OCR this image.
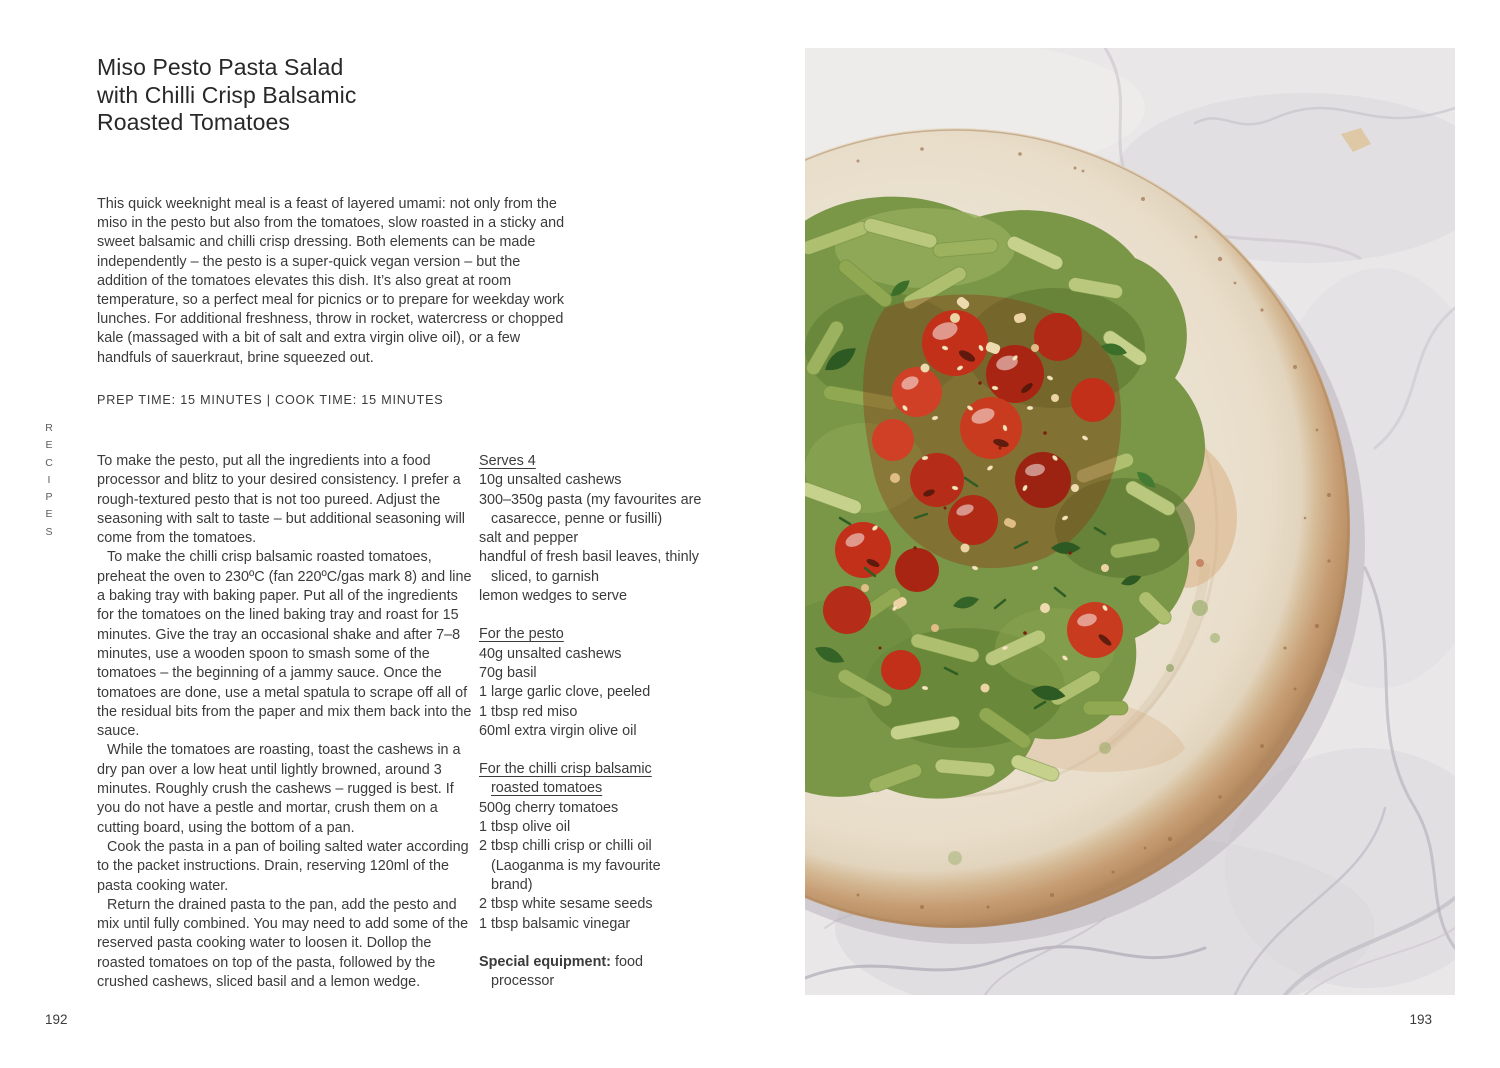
R
E
C
I
P
E
S
Miso Pesto Pasta Salad
with Chilli Crisp Balsamic
Roasted Tomatoes
This quick weeknight meal is a feast of layered umami: not only from the miso in the pesto but also from the tomatoes, slow roasted in a sticky and sweet balsamic and chilli crisp dressing. Both elements can be made independently – the pesto is a super-quick vegan version – but the addition of the tomatoes elevates this dish. It’s also great at room temperature, so a perfect meal for picnics or to prepare for weekday work lunches. For additional freshness, throw in rocket, watercress or chopped kale (massaged with a bit of salt and extra virgin olive oil), or a few handfuls of sauerkraut, brine squeezed out.
PREP TIME: 15 MINUTES | COOK TIME: 15 MINUTES

To make the pesto, put all the ingredients into a food processor and blitz to your desired consistency. I prefer a rough-textured pesto that is not too pureed. Adjust the seasoning with salt to taste – but additional seasoning will come from the tomatoes.

To make the chilli crisp balsamic roasted tomatoes, preheat the oven to 230ºC (fan 220ºC/gas mark 8) and line a baking tray with baking paper. Put all of the ingredients for the tomatoes on the lined baking tray and roast for 15 minutes. Give the tray an occasional shake and after 7–8 minutes, use a wooden spoon to smash some of the tomatoes – the beginning of a jammy sauce. Once the tomatoes are done, use a metal spatula to scrape off all of the residual bits from the paper and mix them back into the sauce.

While the tomatoes are roasting, toast the cashews in a dry pan over a low heat until lightly browned, around 3 minutes. Roughly crush the cashews – rugged is best. If you do not have a pestle and mortar, crush them on a cutting board, using the bottom of a pan.

Cook the pasta in a pan of boiling salted water according to the packet instructions. Drain, reserving 120ml of the pasta cooking water.

Return the drained pasta to the pan, add the pesto and mix until fully combined. You may need to add some of the reserved pasta cooking water to loosen it. Dollop the roasted tomatoes on top of the pasta, followed by the crushed cashews, sliced basil and a lemon wedge.

Serves 4
10g unsalted cashews
300–350g pasta (my favourites are casarecce, penne or fusilli)
salt and pepper
handful of fresh basil leaves, thinly sliced, to garnish
lemon wedges to serve
For the pesto
40g unsalted cashews
70g basil
1 large garlic clove, peeled
1 tbsp red miso
60ml extra virgin olive oil
For the chilli crisp balsamic roasted tomatoes
500g cherry tomatoes
1 tbsp olive oil
2 tbsp chilli crisp or chilli oil (Laoganma is my favourite brand)
2 tbsp white sesame seeds
1 tbsp balsamic vinegar
Special equipment: food processor
192	193
